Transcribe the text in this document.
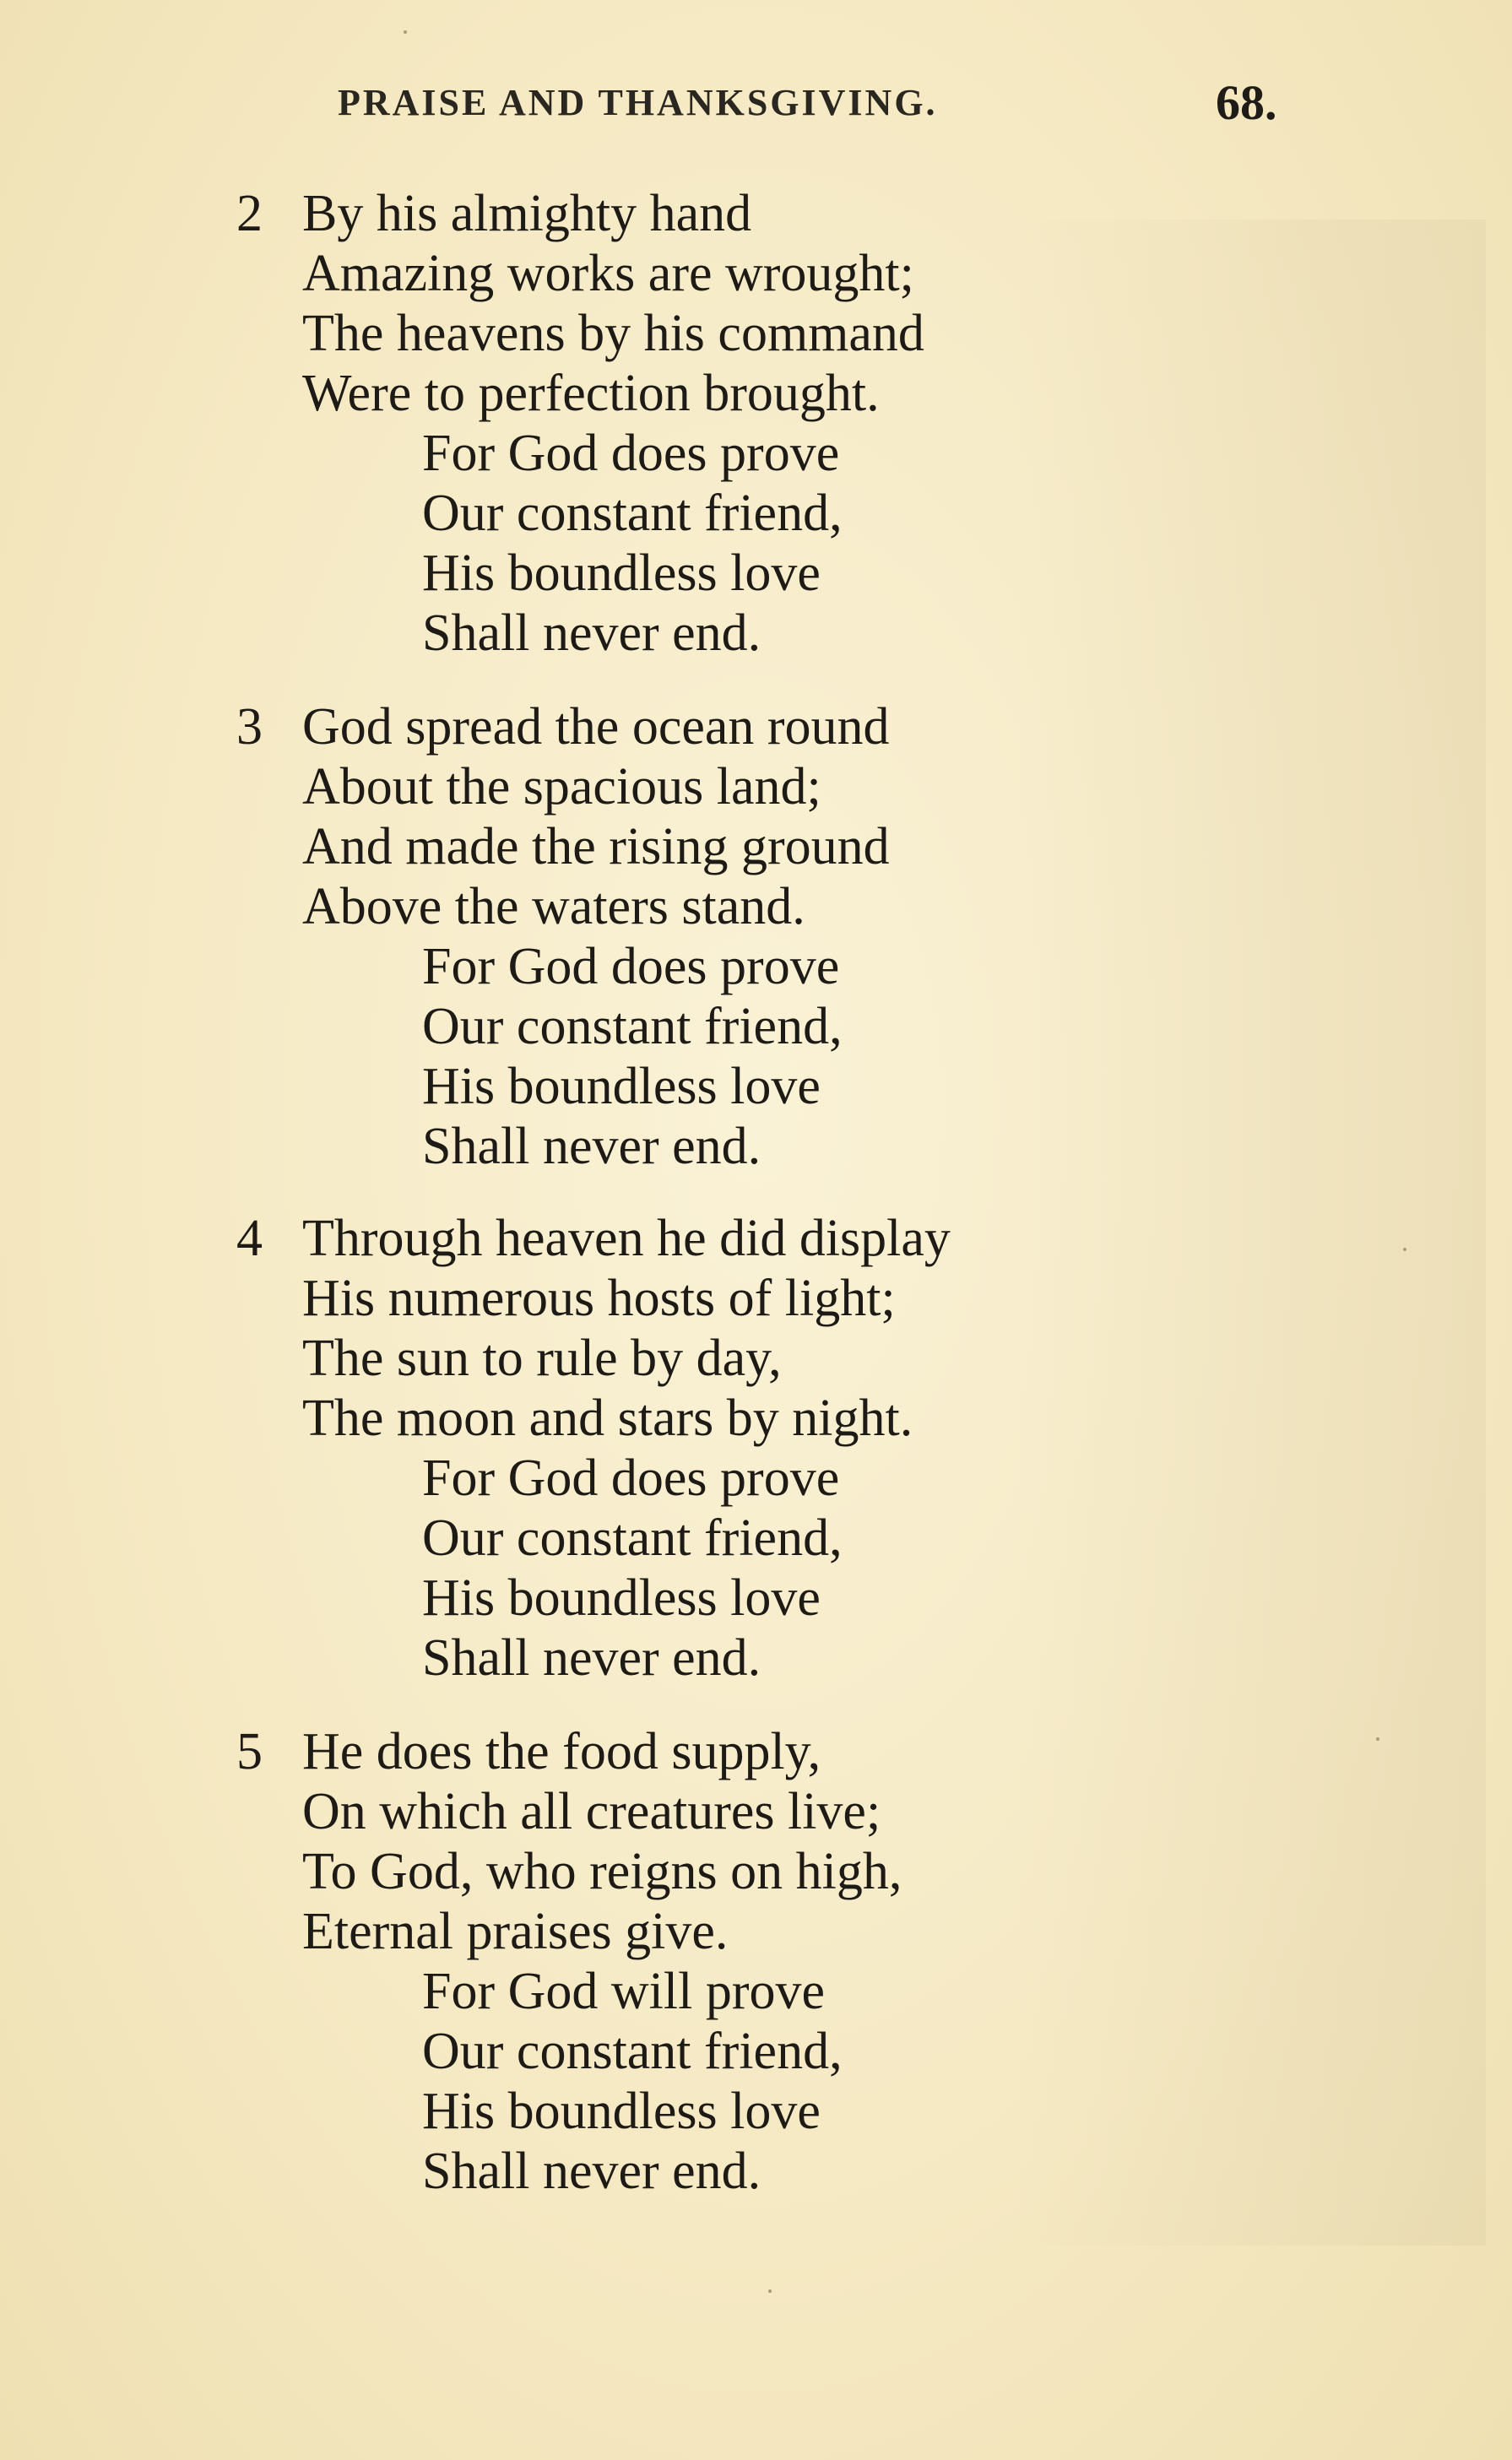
PRAISE AND THANKSGIVING.	68.
2 By his almighty hand
Amazing works are wrought;
The heavens by his command
Were to perfection brought.
For God does prove
Our constant friend,
His boundless love
Shall never end.
3 God spread the ocean round
About the spacious land;
And made the rising ground
Above the waters stand.
For God does prove
Our constant friend,
His boundless love
Shall never end.
4 Through heaven he did display
His numerous hosts of light;
The sun to rule by day,
The moon and stars by night.
For God does prove
Our constant friend,
His boundless love
Shall never end.
5 He does the food supply,
On which all creatures live;
To God, who reigns on high,
Eternal praises give.
For God will prove
Our constant friend,
His boundless love
Shall never end.
